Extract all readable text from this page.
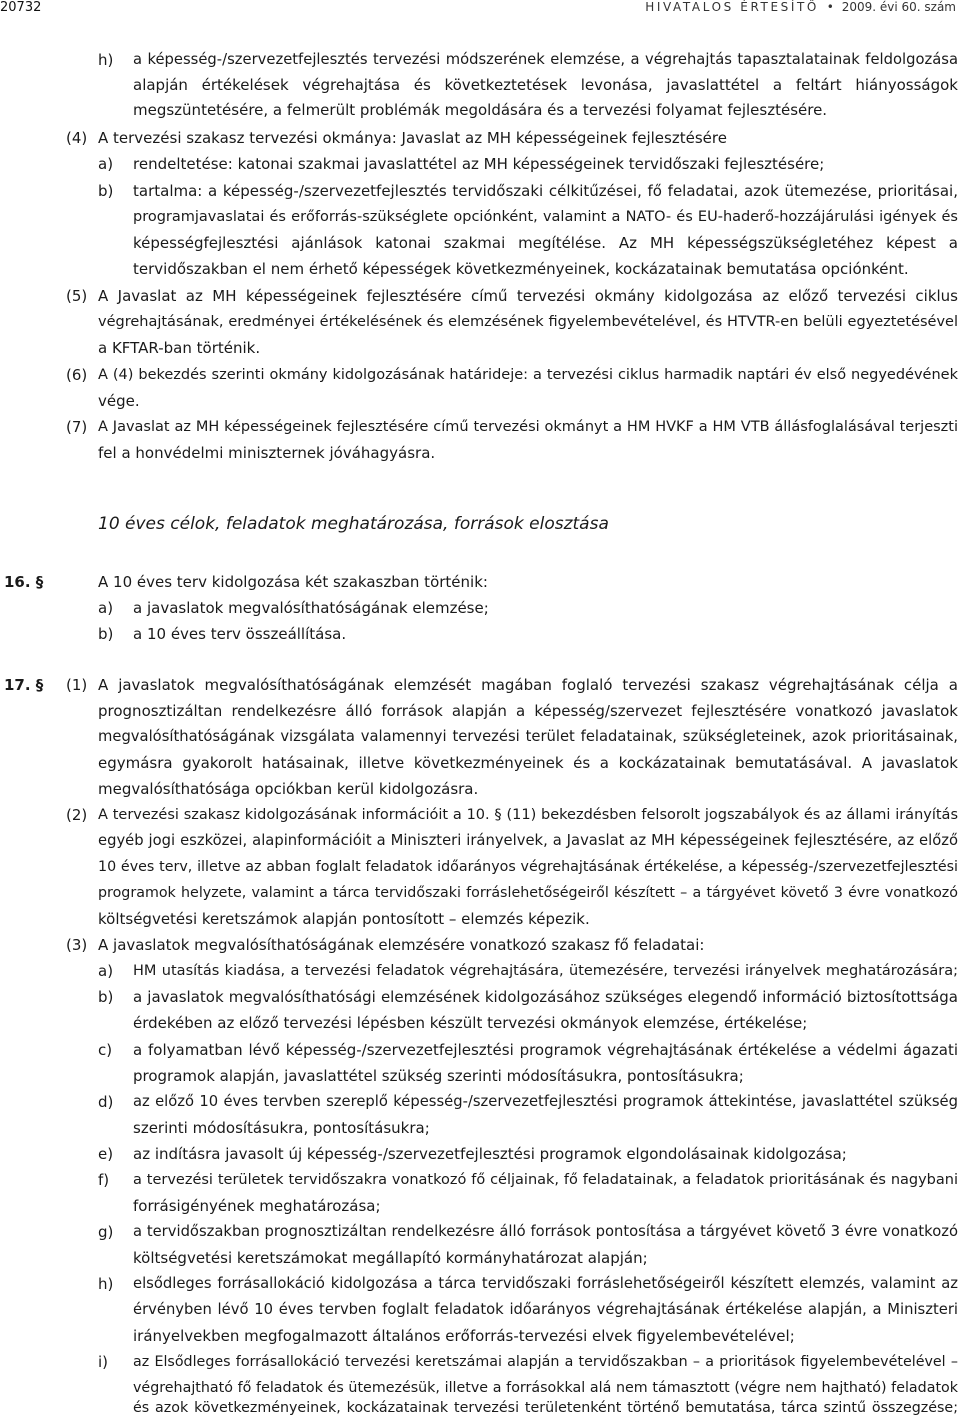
20732	HIVATALOS ÉRTESÍTŐ • 2009. évi 60. szám
h) a képesség-/szervezetfejlesztés tervezési módszerének elemzése, a végrehajtás tapasztalatainak feldolgozása
alapján értékelések végrehajtása és következtetések levonása, javaslattétel a feltárt hiányosságok
megszüntetésére, a felmerült problémák megoldására és a tervezési folyamat fejlesztésére.
(4) A tervezési szakasz tervezési okmánya: Javaslat az MH képességeinek fejlesztésére
a) rendeltetése: katonai szakmai javaslattétel az MH képességeinek tervidőszaki fejlesztésére;
b) tartalma: a képesség-/szervezetfejlesztés tervidőszaki célkitűzései, fő feladatai, azok ütemezése, prioritásai,
programjavaslatai és erőforrás-szükséglete opciónként, valamint a NATO- és EU-haderő-hozzájárulási igények és
képességfejlesztési ajánlások katonai szakmai megítélése. Az MH képességszükségletéhez képest a
tervidőszakban el nem érhető képességek következményeinek, kockázatainak bemutatása opciónként.
(5) A Javaslat az MH képességeinek fejlesztésére című tervezési okmány kidolgozása az előző tervezési ciklus
végrehajtásának, eredményei értékelésének és elemzésének figyelembevételével, és HTVTR-en belüli egyeztetésével
a KFTAR-ban történik.
(6) A (4) bekezdés szerinti okmány kidolgozásának határideje: a tervezési ciklus harmadik naptári év első negyedévének
vége.
(7) A Javaslat az MH képességeinek fejlesztésére című tervezési okmányt a HM HVKF a HM VTB állásfoglalásával terjeszti
fel a honvédelmi miniszternek jóváhagyásra.
10 éves célok, feladatok meghatározása, források elosztása
16. §	A 10 éves terv kidolgozása két szakaszban történik:
a) a javaslatok megvalósíthatóságának elemzése;
b) a 10 éves terv összeállítása.
17. § (1) A javaslatok megvalósíthatóságának elemzését magában foglaló tervezési szakasz végrehajtásának célja a
prognosztizáltan rendelkezésre álló források alapján a képesség/szervezet fejlesztésére vonatkozó javaslatok
megvalósíthatóságának vizsgálata valamennyi tervezési terület feladatainak, szükségleteinek, azok prioritásainak,
egymásra gyakorolt hatásainak, illetve következményeinek és a kockázatainak bemutatásával. A javaslatok
megvalósíthatósága opciókban kerül kidolgozásra.
(2) A tervezési szakasz kidolgozásának információit a 10. § (11) bekezdésben felsorolt jogszabályok és az állami irányítás
egyéb jogi eszközei, alapinformációit a Miniszteri irányelvek, a Javaslat az MH képességeinek fejlesztésére, az előző
10 éves terv, illetve az abban foglalt feladatok időarányos végrehajtásának értékelése, a képesség-/szervezetfejlesztési
programok helyzete, valamint a tárca tervidőszaki forráslehetőségeiről készített – a tárgyévet követő 3 évre vonatkozó
költségvetési keretszámok alapján pontosított – elemzés képezik.
(3) A javaslatok megvalósíthatóságának elemzésére vonatkozó szakasz fő feladatai:
a) HM utasítás kiadása, a tervezési feladatok végrehajtására, ütemezésére, tervezési irányelvek meghatározására;
b) a javaslatok megvalósíthatósági elemzésének kidolgozásához szükséges elegendő információ biztosítottsága
érdekében az előző tervezési lépésben készült tervezési okmányok elemzése, értékelése;
c) a folyamatban lévő képesség-/szervezetfejlesztési programok végrehajtásának értékelése a védelmi ágazati
programok alapján, javaslattétel szükség szerinti módosításukra, pontosításukra;
d) az előző 10 éves tervben szereplő képesség-/szervezetfejlesztési programok áttekintése, javaslattétel szükség
szerinti módosításukra, pontosításukra;
e) az indításra javasolt új képesség-/szervezetfejlesztési programok elgondolásainak kidolgozása;
f) a tervezési területek tervidőszakra vonatkozó fő céljainak, fő feladatainak, a feladatok prioritásának és nagybani
forrásigényének meghatározása;
g) a tervidőszakban prognosztizáltan rendelkezésre álló források pontosítása a tárgyévet követő 3 évre vonatkozó
költségvetési keretszámokat megállapító kormányhatározat alapján;
h) elsődleges forrásallokáció kidolgozása a tárca tervidőszaki forráslehetőségeiről készített elemzés, valamint az
érvényben lévő 10 éves tervben foglalt feladatok időarányos végrehajtásának értékelése alapján, a Miniszteri
irányelvekben megfogalmazott általános erőforrás-tervezési elvek figyelembevételével;
i) az Elsődleges forrásallokáció tervezési keretszámai alapján a tervidőszakban – a prioritások figyelembevételével –
végrehajtható fő feladatok és ütemezésük, illetve a forrásokkal alá nem támasztott (végre nem hajtható) feladatok
és azok következményeinek, kockázatainak tervezési területenként történő bemutatása, tárca szintű összegzése;
